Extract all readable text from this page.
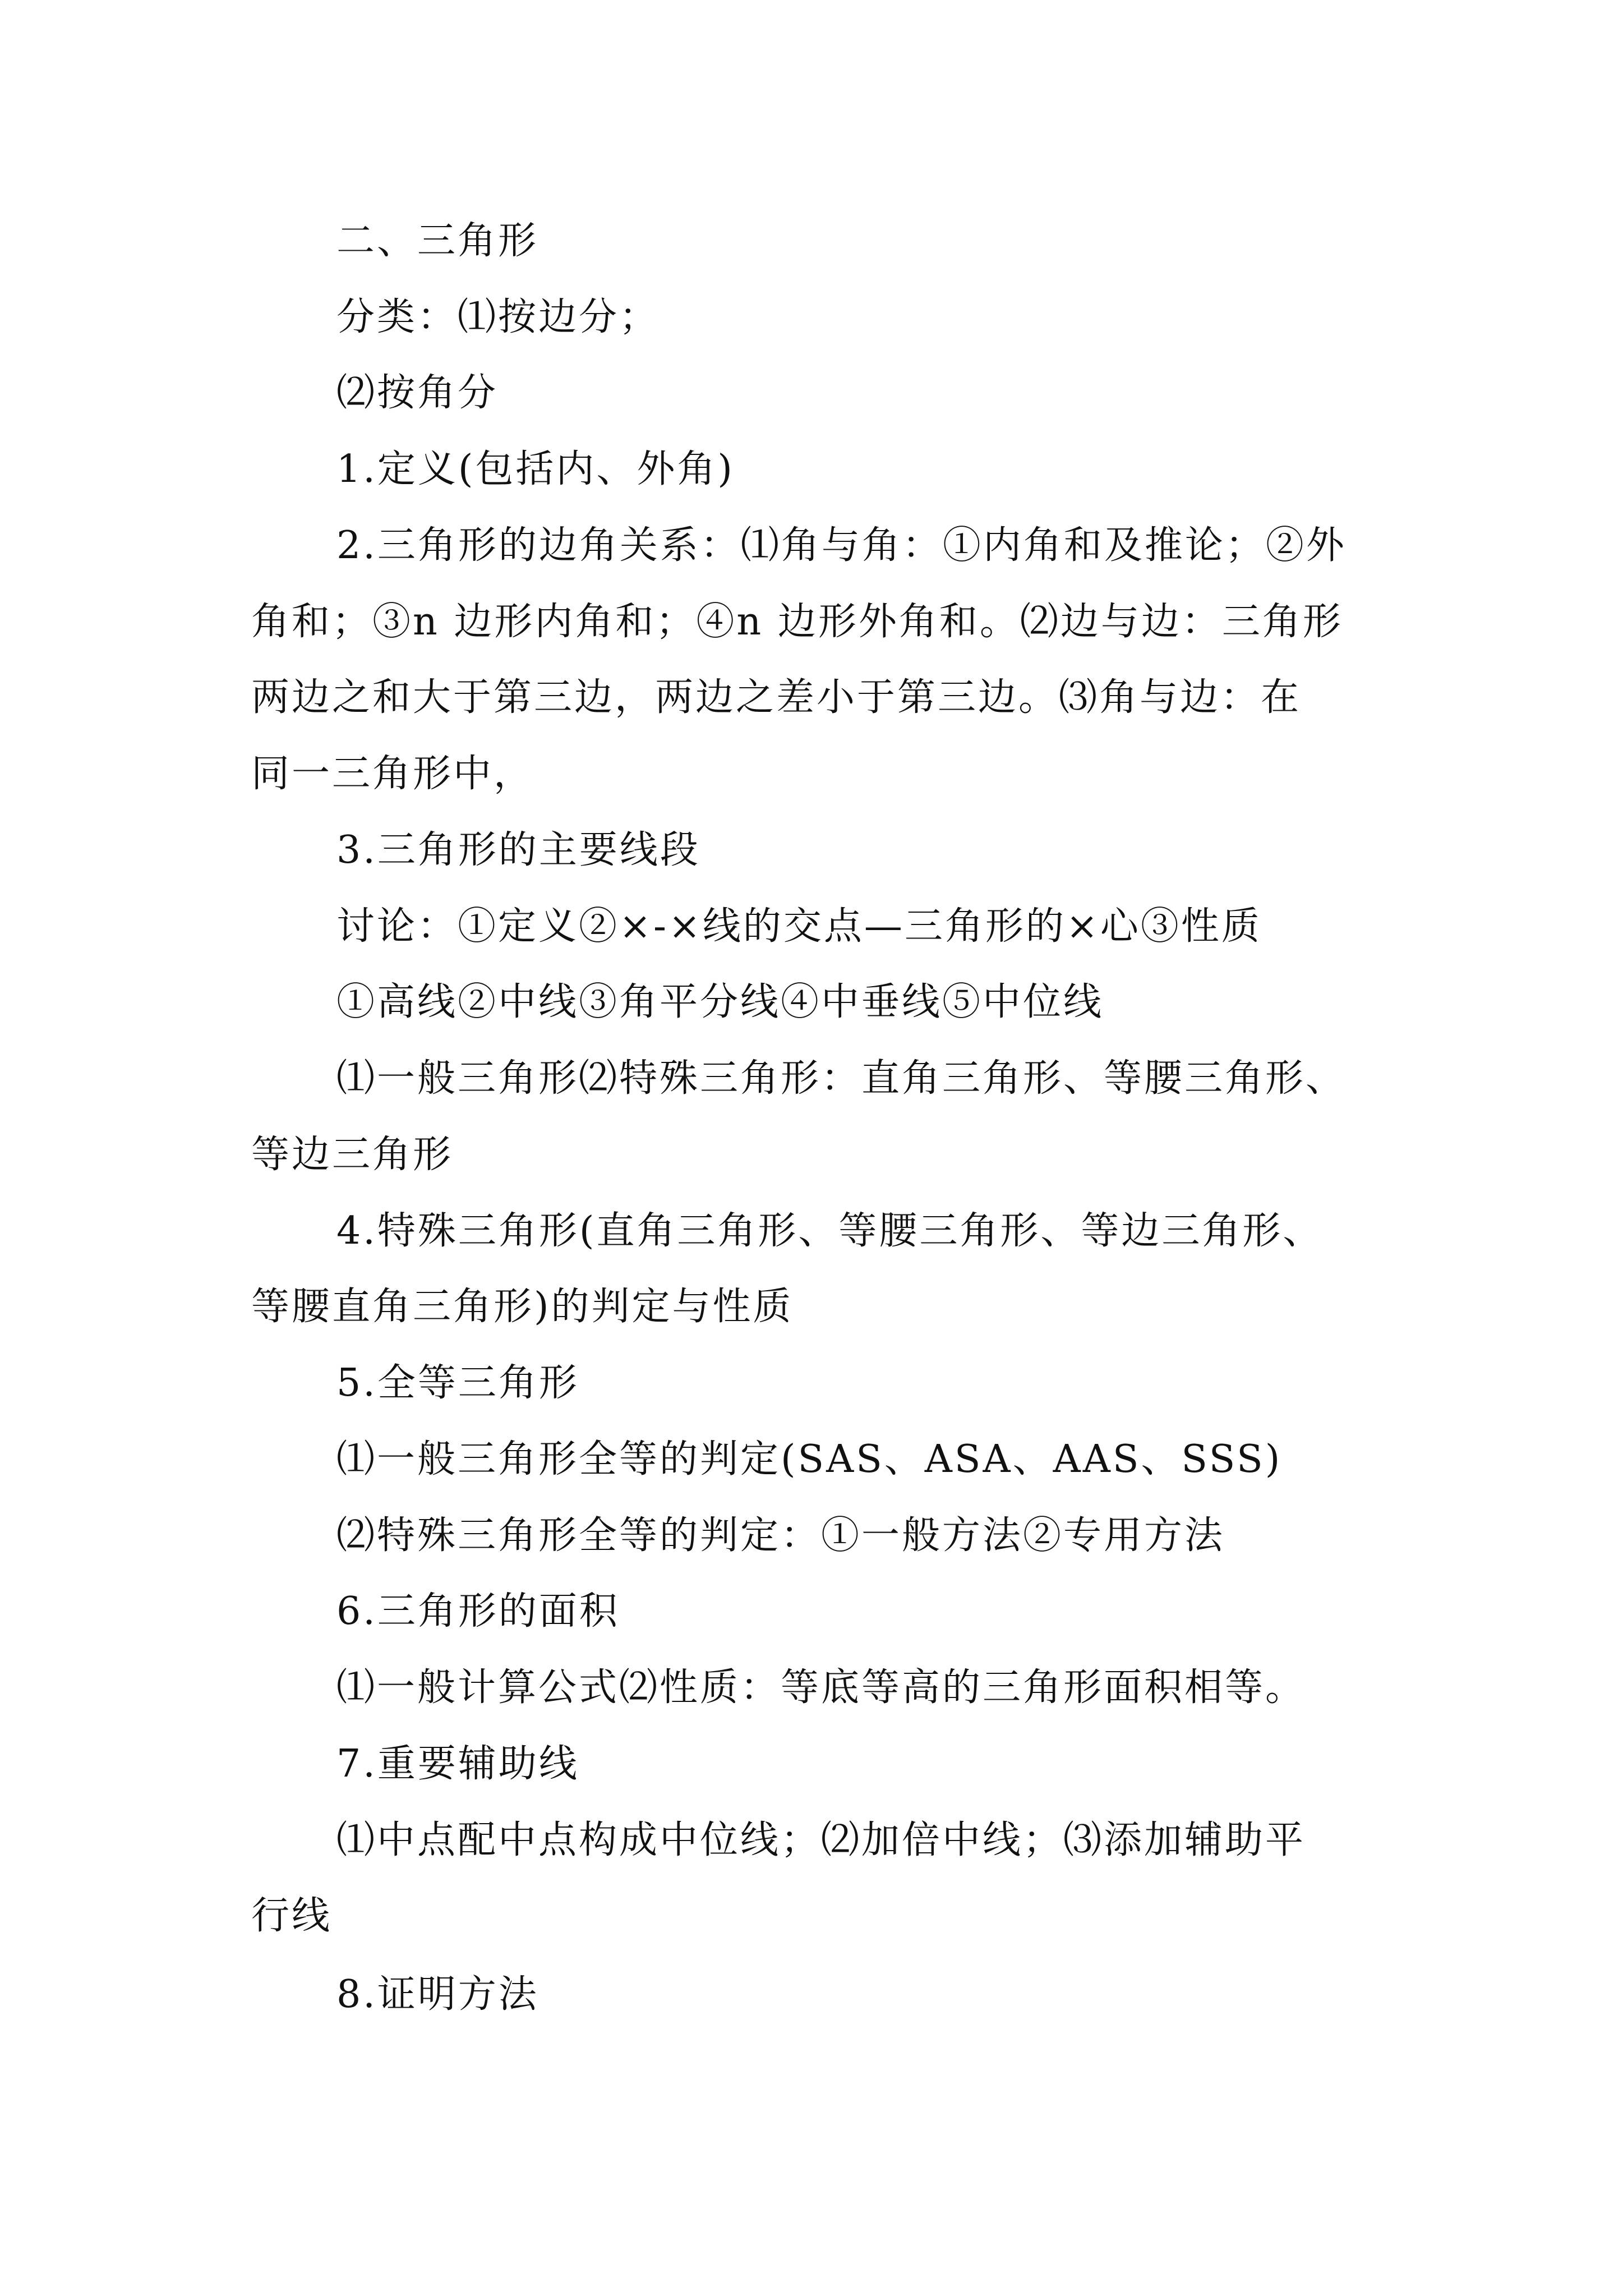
二、三角形
分类：⑴按边分；
⑵按角分
1.定义(包括内、外角)
2.三角形的边角关系：⑴角与角：①内角和及推论；②外
角和；③n 边形内角和；④n 边形外角和。⑵边与边：三角形
两边之和大于第三边，两边之差小于第三边。⑶角与边：在
同一三角形中，
3.三角形的主要线段
讨论：①定义②×-×线的交点—三角形的×心③性质
①高线②中线③角平分线④中垂线⑤中位线
⑴一般三角形⑵特殊三角形：直角三角形、等腰三角形、
等边三角形
4.特殊三角形(直角三角形、等腰三角形、等边三角形、
等腰直角三角形)的判定与性质
5.全等三角形
⑴一般三角形全等的判定(SAS、ASA、AAS、SSS)
⑵特殊三角形全等的判定：①一般方法②专用方法
6.三角形的面积
⑴一般计算公式⑵性质：等底等高的三角形面积相等。
7.重要辅助线
⑴中点配中点构成中位线；⑵加倍中线；⑶添加辅助平
行线
8.证明方法
